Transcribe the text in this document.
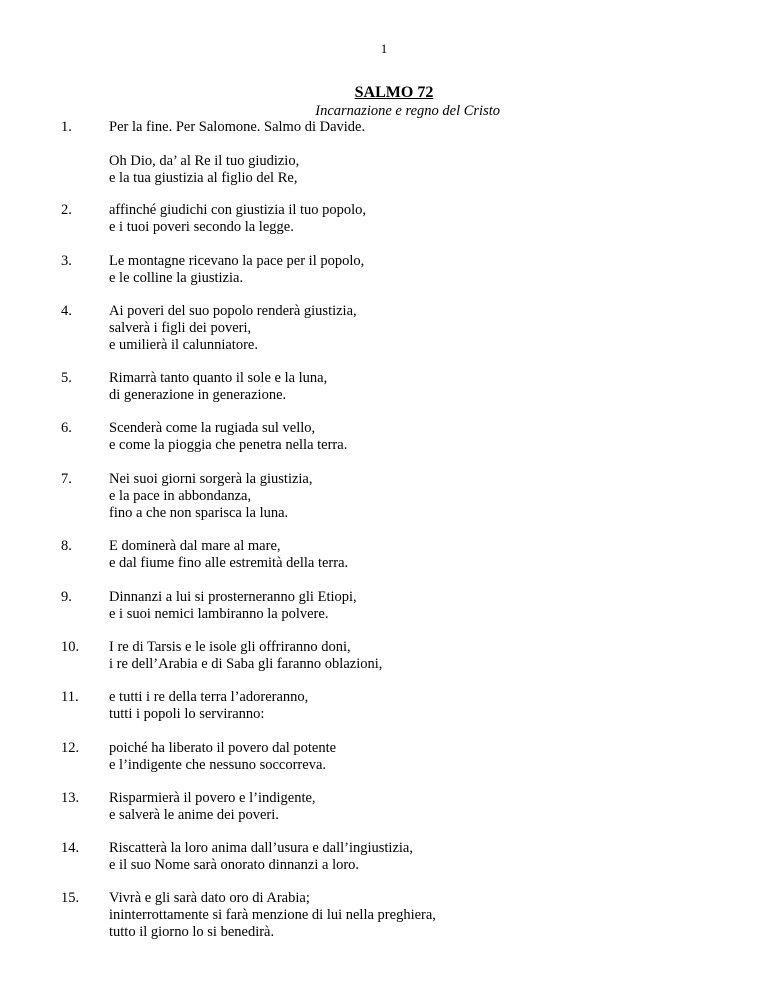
1
SALMO 72
Incarnazione e regno del Cristo
1.	Per la fine. Per Salomone. Salmo di Davide.
Oh Dio, da’ al Re il tuo giudizio,
e la tua giustizia al figlio del Re,
2.	affinché giudichi con giustizia il tuo popolo,
e i tuoi poveri secondo la legge.
3.	Le montagne ricevano la pace per il popolo,
e le colline la giustizia.
4.	Ai poveri del suo popolo renderà giustizia,
salverà i figli dei poveri,
e umilierà il calunniatore.
5.	Rimarrà tanto quanto il sole e la luna,
di generazione in generazione.
6.	Scenderà come la rugiada sul vello,
e come la pioggia che penetra nella terra.
7.	Nei suoi giorni sorgerà la giustizia,
e la pace in abbondanza,
fino a che non sparisca la luna.
8.	E dominerà dal mare al mare,
e dal fiume fino alle estremità della terra.
9.	Dinnanzi a lui si prosterneranno gli Etiopi,
e i suoi nemici lambiranno la polvere.
10. I re di Tarsis e le isole gli offriranno doni,
i re dell’Arabia e di Saba gli faranno oblazioni,
11. e tutti i re della terra l’adoreranno,
tutti i popoli lo serviranno:
12. poiché ha liberato il povero dal potente
e l’indigente che nessuno soccorreva.
13. Risparmierà il povero e l’indigente,
e salverà le anime dei poveri.
14. Riscatterà la loro anima dall’usura e dall’ingiustizia,
e il suo Nome sarà onorato dinnanzi a loro.
15. Vivrà e gli sarà dato oro di Arabia;
ininterrottamente si farà menzione di lui nella preghiera,
tutto il giorno lo si benedirà.
